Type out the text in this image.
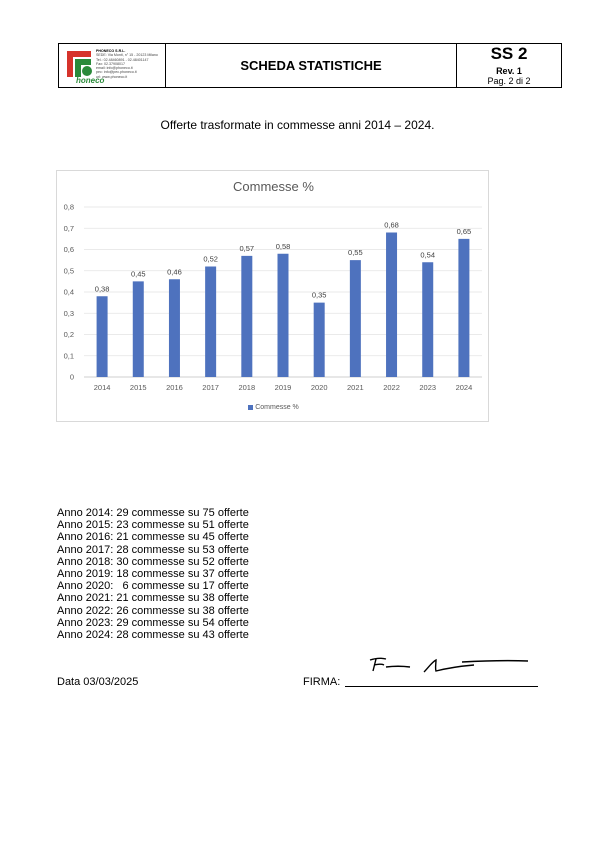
honeco
PHONECO S.R.L.
SEDE: Via Monti, n° 15 - 20123 Milano
Tel.: 02.48460891 - 02.48401147
Fax: 02.37908017
email: info@phoneco.it
pec: info@pec.phoneco.it
url: www.phoneco.it
SCHEDA STATISTICHE
SS 2
Rev. 1
Pag. 2 di 2
Offerte trasformate in commesse anni 2014 – 2024.
0
0,1
0,2
0,3
0,4
0,5
0,6
0,7
0,8
0,38
2014
0,45
2015
0,46
2016
0,52
2017
0,57
2018
0,58
2019
0,35
2020
0,55
2021
0,68
2022
0,54
2023
0,65
2024
Commesse %
Commesse %
Anno 2014: 29 commesse su 75 offerte
Anno 2015: 23 commesse su 51 offerte
Anno 2016: 21 commesse su 45 offerte
Anno 2017: 28 commesse su 53 offerte
Anno 2018: 30 commesse su 52 offerte
Anno 2019: 18 commesse su 37 offerte
Anno 2020:   6 commesse su 17 offerte
Anno 2021: 21 commesse su 38 offerte
Anno 2022: 26 commesse su 38 offerte
Anno 2023: 29 commesse su 54 offerte
Anno 2024: 28 commesse su 43 offerte
Data 03/03/2025	FIRMA:
